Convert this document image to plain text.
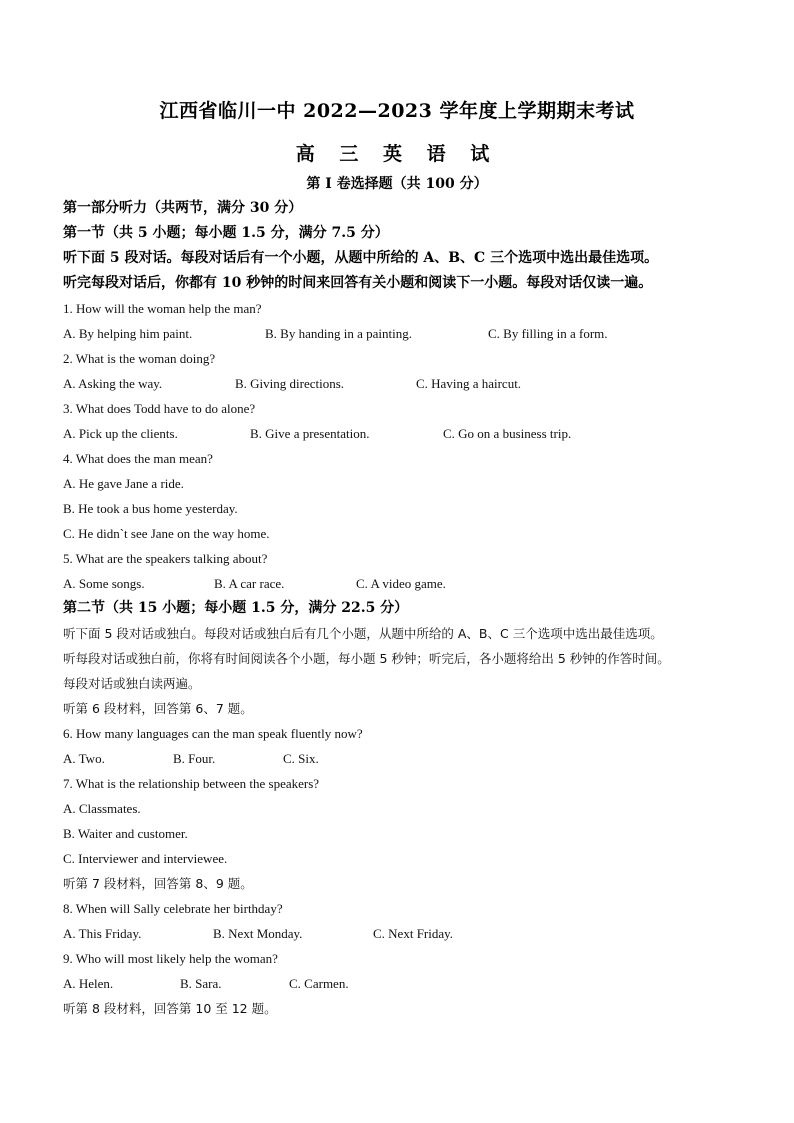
江西省临川一中 2022—2023 学年度上学期期末考试
高 三 英 语 试
第 I 卷选择题（共 100 分）
第一部分听力（共两节，满分 30 分）
第一节（共 5 小题；每小题 1.5 分，满分 7.5 分）
听下面 5 段对话。每段对话后有一个小题，从题中所给的 A、B、C 三个选项中选出最佳选项。
听完每段对话后，你都有 10 秒钟的时间来回答有关小题和阅读下一小题。每段对话仅读一遍。
1. How will the woman help the man?
A. By helping him paint.	B. By handing in a painting.	C. By filling in a form.
2. What is the woman doing?
A. Asking the way.	B. Giving directions.	C. Having a haircut.
3. What does Todd have to do alone?
A. Pick up the clients.	B. Give a presentation.	C. Go on a business trip.
4. What does the man mean?
A. He gave Jane a ride.
B. He took a bus home yesterday.
C. He didn`t see Jane on the way home.
5. What are the speakers talking about?
A. Some songs.	B. A car race.	C. A video game.
第二节（共 15 小题；每小题 1.5 分，满分 22.5 分）
听下面 5 段对话或独白。每段对话或独白后有几个小题，从题中所给的 A、B、C 三个选项中选出最佳选项。
听每段对话或独白前，你将有时间阅读各个小题，每小题 5 秒钟；听完后，各小题将给出 5 秒钟的作答时间。
每段对话或独白读两遍。
听第 6 段材料，回答第 6、7 题。
6. How many languages can the man speak fluently now?
A. Two.	B. Four.	C. Six.
7. What is the relationship between the speakers?
A. Classmates.
B. Waiter and customer.
C. Interviewer and interviewee.
听第 7 段材料，回答第 8、9 题。
8. When will Sally celebrate her birthday?
A. This Friday.	B. Next Monday.	C. Next Friday.
9. Who will most likely help the woman?
A. Helen.	B. Sara.	C. Carmen.
听第 8 段材料，回答第 10 至 12 题。
